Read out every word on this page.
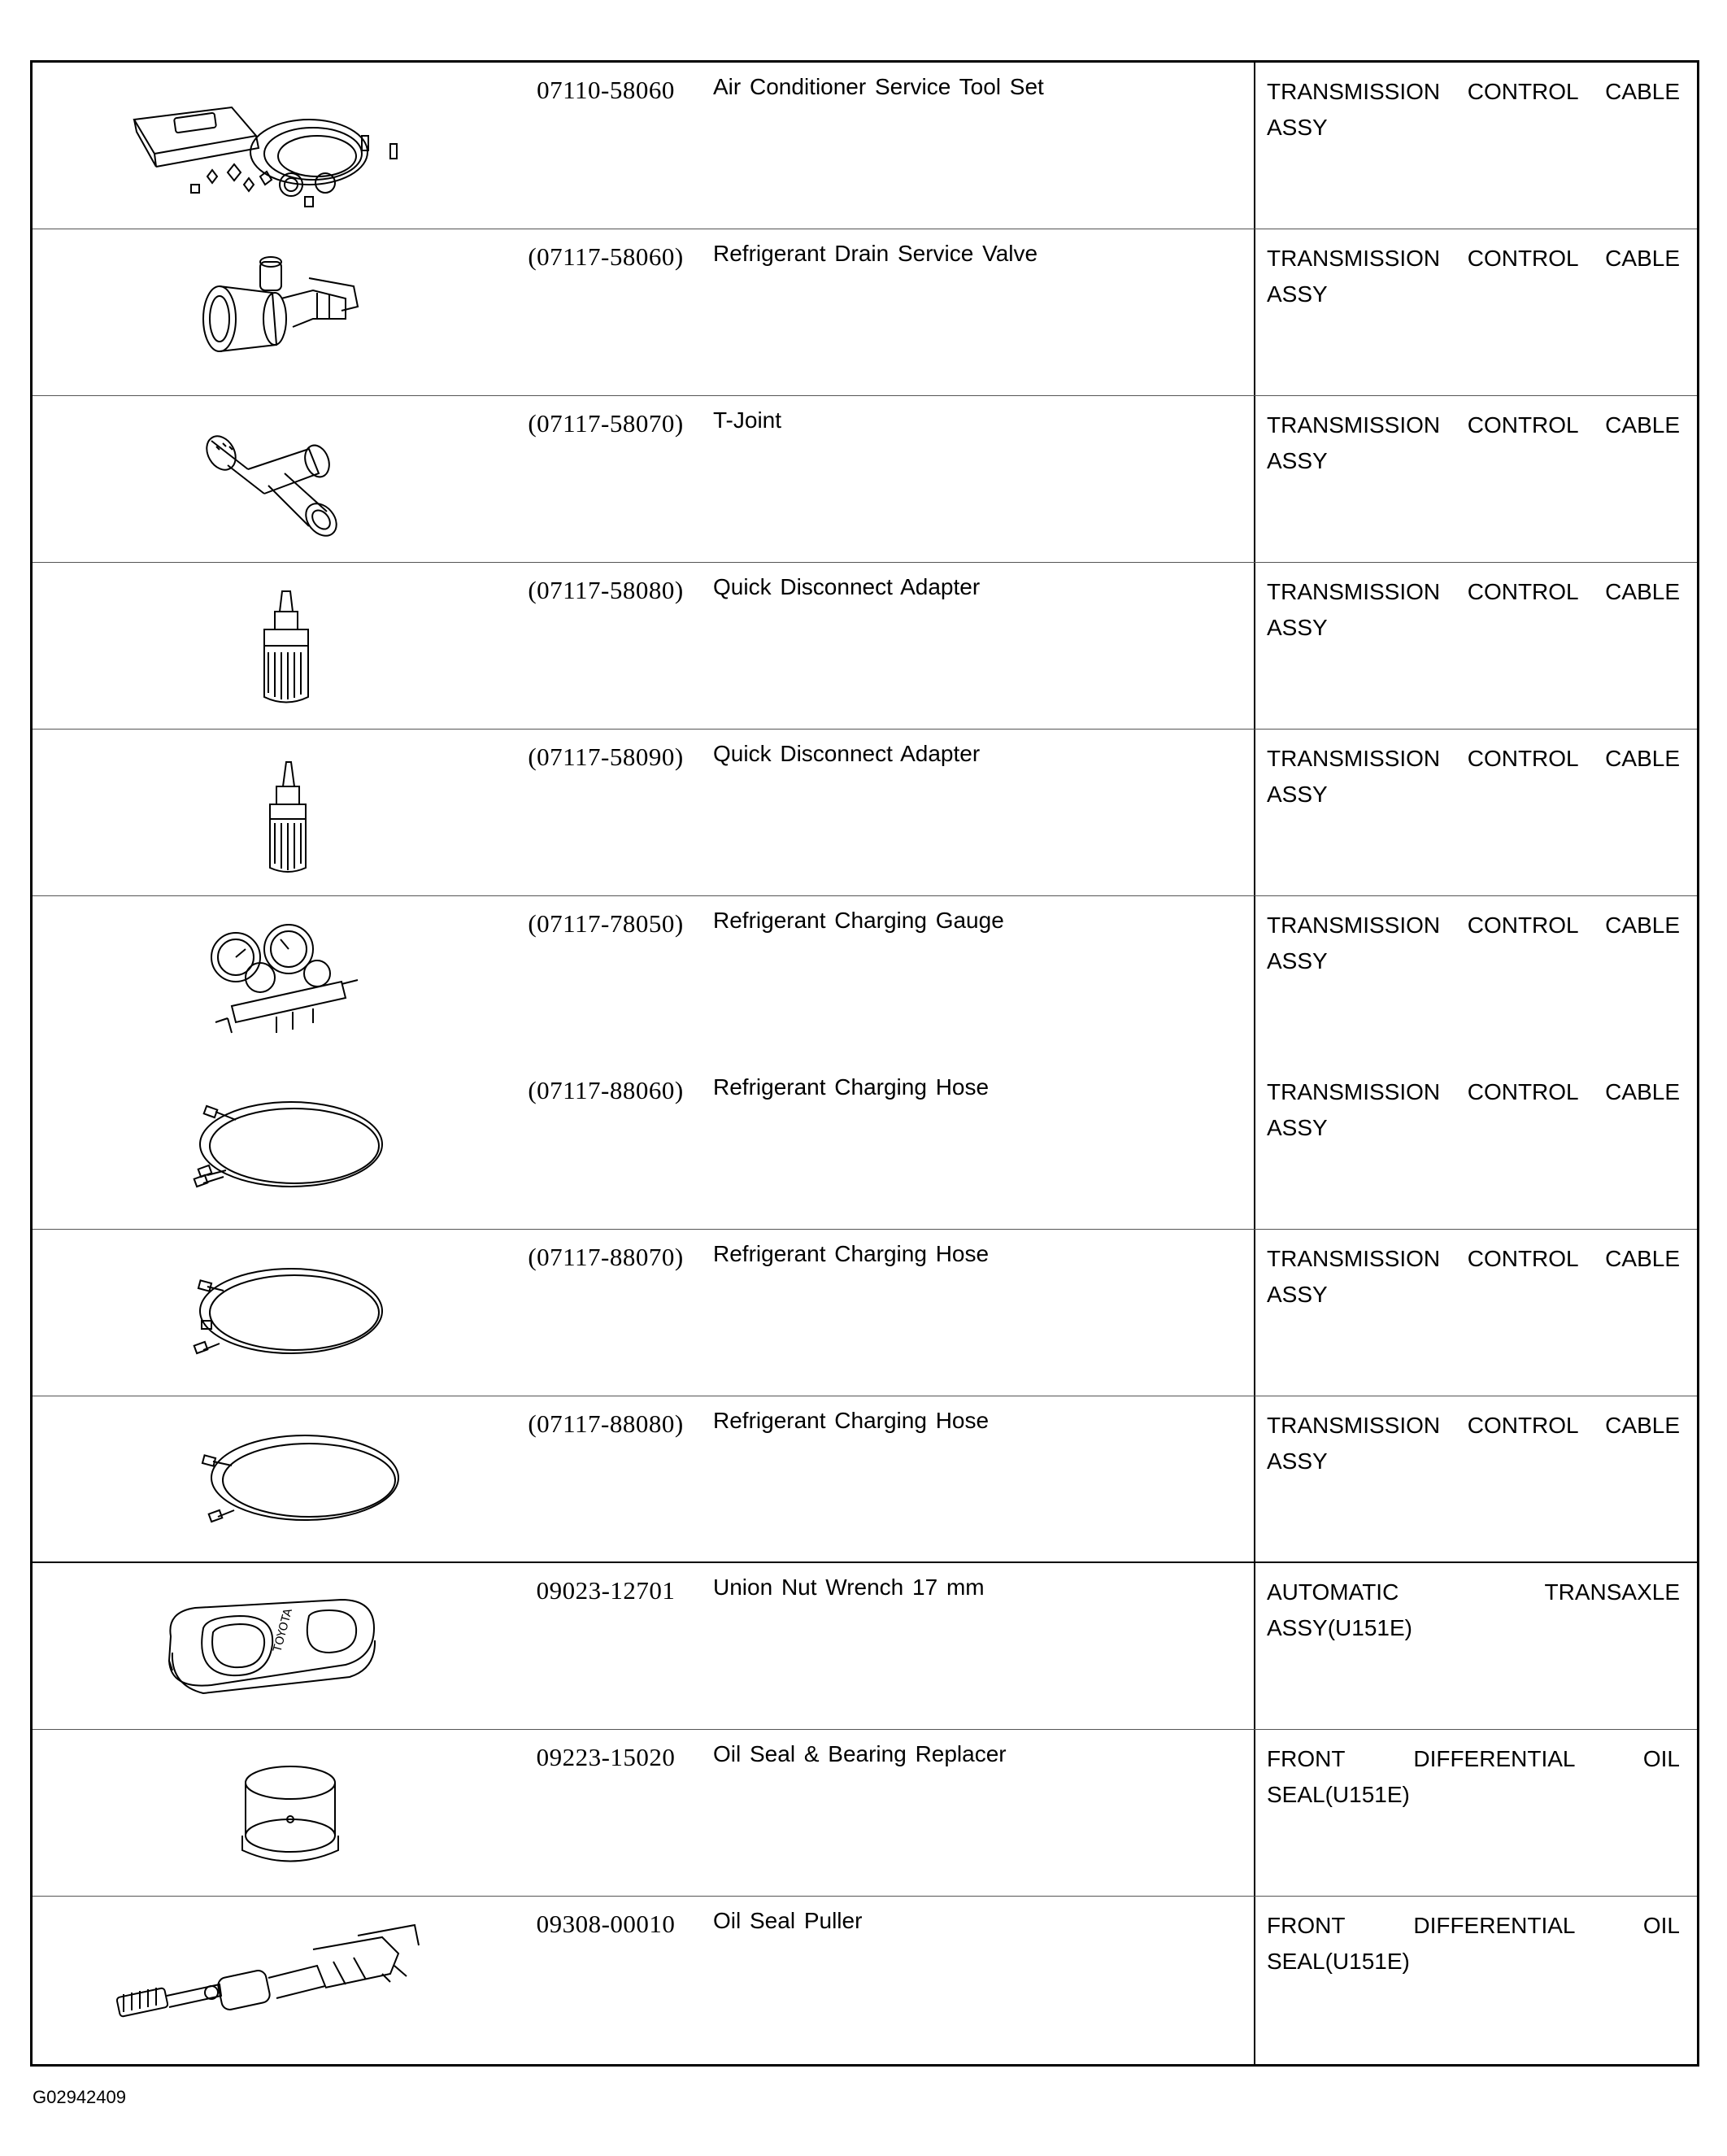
07110-58060	Air Conditioner Service Tool Set	TRANSMISSION CONTROL CABLE ASSY
(07117-58060)	Refrigerant Drain Service Valve	TRANSMISSION CONTROL CABLE ASSY
(07117-58070)	T-Joint	TRANSMISSION CONTROL CABLE ASSY
(07117-58080)	Quick Disconnect Adapter	TRANSMISSION CONTROL CABLE ASSY
(07117-58090)	Quick Disconnect Adapter	TRANSMISSION CONTROL CABLE ASSY
(07117-78050)	Refrigerant Charging Gauge	TRANSMISSION CONTROL CABLE ASSY
(07117-88060)	Refrigerant Charging Hose	TRANSMISSION CONTROL CABLE ASSY
(07117-88070)	Refrigerant Charging Hose	TRANSMISSION CONTROL CABLE ASSY
(07117-88080)	Refrigerant Charging Hose	TRANSMISSION CONTROL CABLE ASSY
TOYOTA
09023-12701	Union Nut Wrench 17 mm	AUTOMATIC TRANSAXLE ASSY(U151E)
09223-15020	Oil Seal & Bearing Replacer	FRONT DIFFERENTIAL OIL SEAL(U151E)
09308-00010	Oil Seal Puller	FRONT DIFFERENTIAL OIL SEAL(U151E)
G02942409
